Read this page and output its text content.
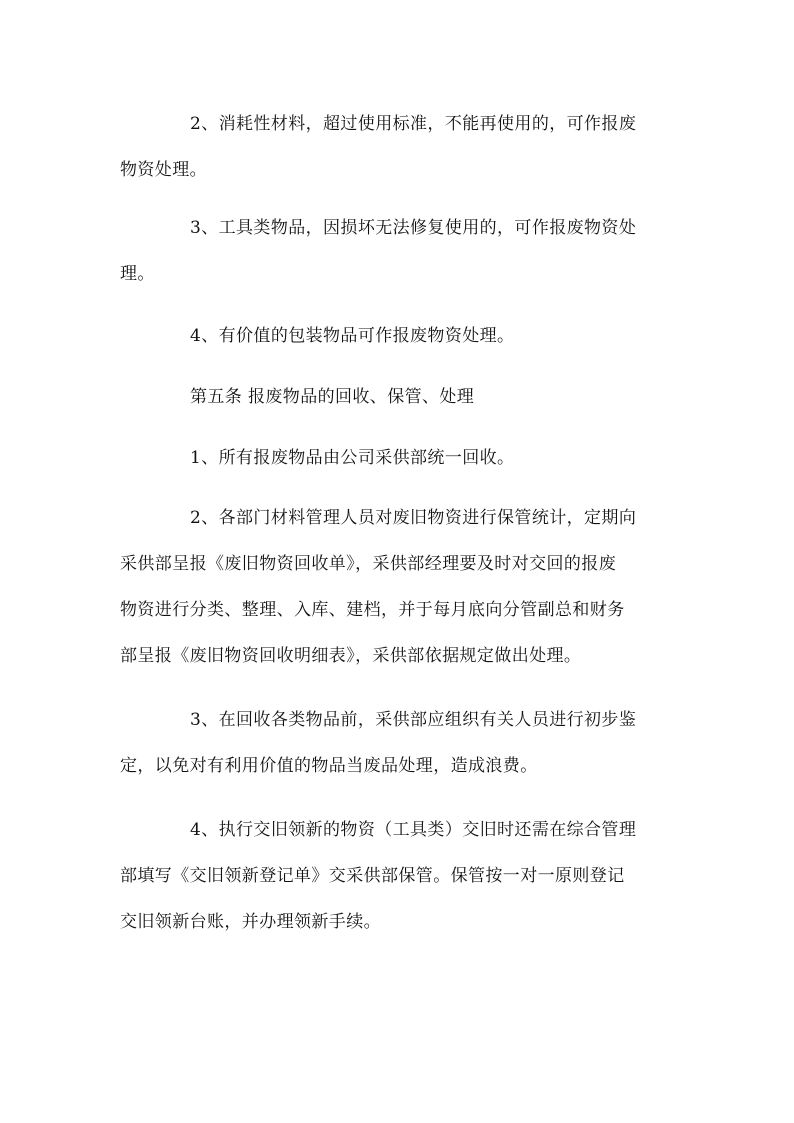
2、消耗性材料，超过使用标准，不能再使用的，可作报废
物资处理。
3、工具类物品，因损坏无法修复使用的，可作报废物资处
理。
4、有价值的包装物品可作报废物资处理。
第五条 报废物品的回收、保管、处理
1、所有报废物品由公司采供部统一回收。
2、各部门材料管理人员对废旧物资进行保管统计，定期向
采供部呈报《废旧物资回收单》，采供部经理要及时对交回的报废
物资进行分类、整理、入库、建档，并于每月底向分管副总和财务
部呈报《废旧物资回收明细表》，采供部依据规定做出处理。
3、在回收各类物品前，采供部应组织有关人员进行初步鉴
定，以免对有利用价值的物品当废品处理，造成浪费。
4、执行交旧领新的物资（工具类）交旧时还需在综合管理
部填写《交旧领新登记单》交采供部保管。保管按一对一原则登记
交旧领新台账，并办理领新手续。
